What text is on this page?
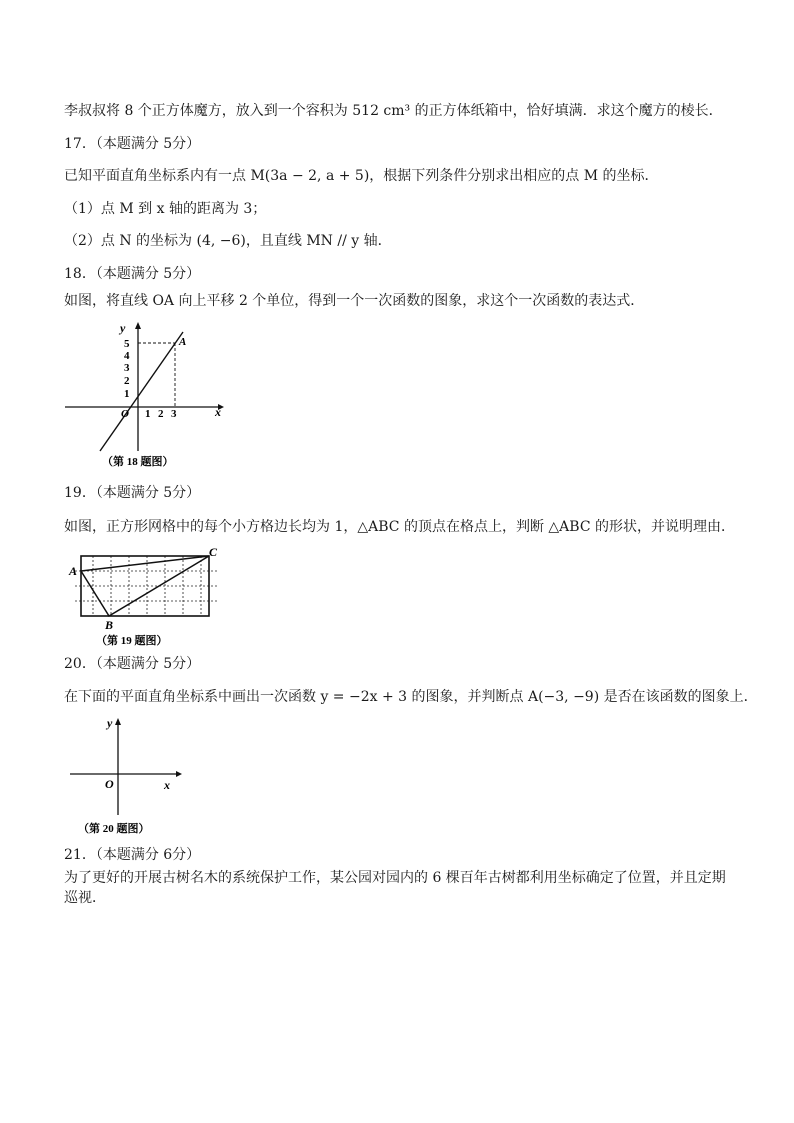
李叔叔将 8 个正方体魔方，放入到一个容积为 512 cm³ 的正方体纸箱中，恰好填满．求这个魔方的棱长．
17．（本题满分 5分）
已知平面直角坐标系内有一点 M(3a − 2, a + 5)，根据下列条件分别求出相应的点 M 的坐标．
（1）点 M 到 x 轴的距离为 3；
（2）点 N 的坐标为 (4, −6)，且直线 MN // y 轴．
18．（本题满分 5分）
如图，将直线 OA 向上平移 2 个单位，得到一个一次函数的图象，求这个一次函数的表达式．
y
x
A
O
5
4
3
2
1
1 2 3
（第 18 题图）
19．（本题满分 5分）
如图，正方形网格中的每个小方格边长均为 1，△ABC 的顶点在格点上，判断 △ABC 的形状，并说明理由．
A
C
B
（第 19 题图）
20．（本题满分 5分）
在下面的平面直角坐标系中画出一次函数 y = −2x + 3 的图象，并判断点 A(−3, −9) 是否在该函数的图象上．
y
x
O
（第 20 题图）
21．（本题满分 6分）
为了更好的开展古树名木的系统保护工作，某公园对园内的 6 棵百年古树都利用坐标确定了位置，并且定期巡视．
